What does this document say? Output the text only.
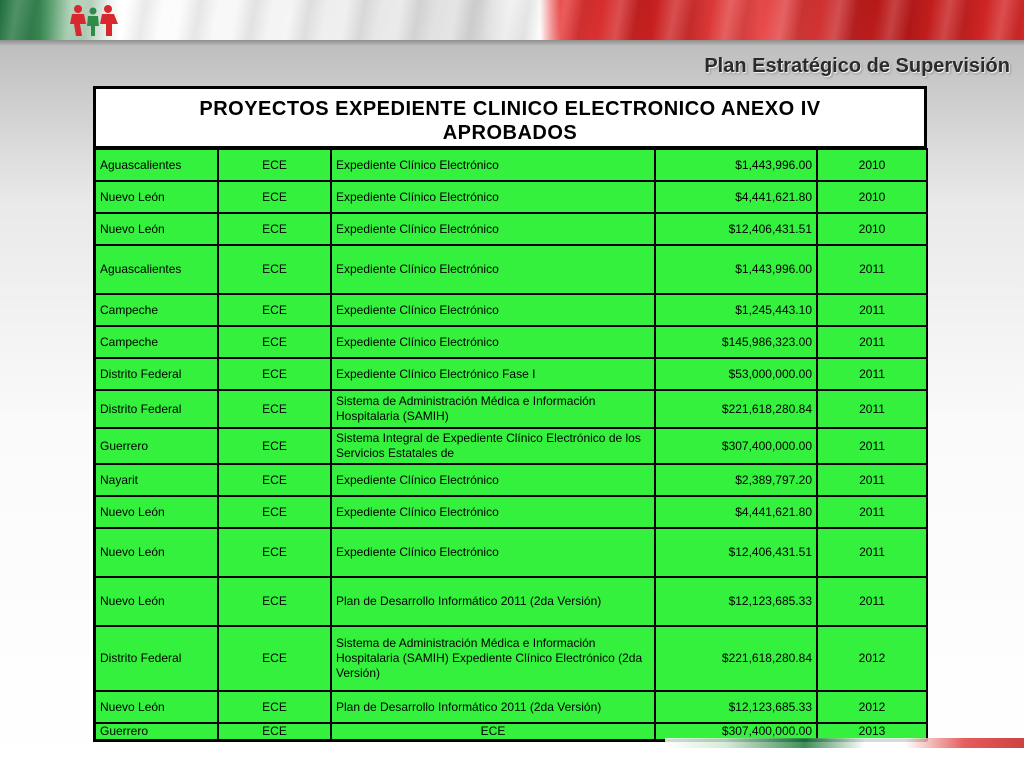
Plan Estratégico de Supervisión
PROYECTOS EXPEDIENTE CLINICO ELECTRONICO ANEXO IV
APROBADOS
Aguascalientes	ECE	Expediente Clínico Electrónico	$1,443,996.00	2010

Nuevo León	ECE	Expediente Clínico Electrónico	$4,441,621.80	2010

Nuevo León	ECE	Expediente Clínico Electrónico	$12,406,431.51	2010

Aguascalientes	ECE	Expediente Clínico Electrónico	$1,443,996.00	2011

Campeche	ECE	Expediente Clínico Electrónico	$1,245,443.10	2011

Campeche	ECE	Expediente Clínico Electrónico	$145,986,323.00	2011

Distrito Federal	ECE	Expediente Clínico Electrónico Fase I	$53,000,000.00	2011

Distrito Federal	ECE	Sistema de Administración Médica e Información Hospitalaria (SAMIH)	$221,618,280.84	2011

Guerrero	ECE	Sistema Integral de Expediente Clínico Electrónico de los Servicios Estatales de	$307,400,000.00	2011

Nayarit	ECE	Expediente Clínico Electrónico	$2,389,797.20	2011

Nuevo León	ECE	Expediente Clínico Electrónico	$4,441,621.80	2011

Nuevo León	ECE	Expediente Clínico Electrónico	$12,406,431.51	2011

Nuevo León	ECE	Plan de Desarrollo Informático 2011 (2da Versión)	$12,123,685.33	2011

Distrito Federal	ECE	Sistema de Administración Médica e Información Hospitalaria (SAMIH) Expediente Clínico Electrónico (2da Versión)	$221,618,280.84	2012

Nuevo León	ECE	Plan de Desarrollo Informático 2011 (2da Versión)	$12,123,685.33	2012

Guerrero	ECE	ECE	$307,400,000.00	2013
